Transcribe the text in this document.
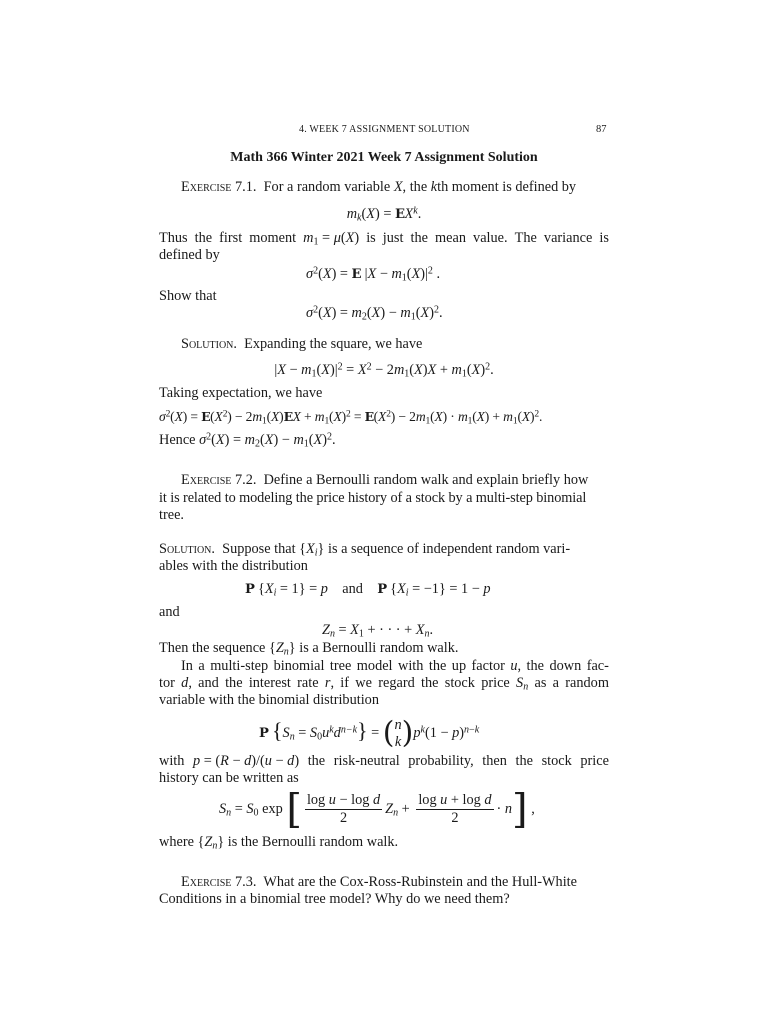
4. WEEK 7 ASSIGNMENT SOLUTION	87
Math 366 Winter 2021 Week 7 Assignment Solution
Exercise 7.1. For a random variable X, the kth moment is defined by
$m_k(X) = EX^k$.
Thus the first moment $m_1 = \mu(X)$ is just the mean value. The variance is
defined by
$\sigma^2(X) = E$ $|X - m_1(X)|^2$ .
Show that
$\sigma^2(X) = m_2(X) - m_1(X)^2$.
Solution. Expanding the square, we have
$|X - m_1(X)|^2 = X^2 - 2m_1(X)X + m_1(X)^2$.
Taking expectation, we have
$\sigma^2(X) = E(X^2) - 2m_1(X)EX + m_1(X)^2 = E(X^2) - 2m_1(X) \cdot m_1(X) + m_1(X)^2$.
Hence $\sigma^2(X) = m_2(X) - m_1(X)^2$.
Exercise 7.2. Define a Bernoulli random walk and explain briefly how
it is related to modeling the price history of a stock by a multi-step binomial
tree.
Solution. Suppose that $\{X_i\}$ is a sequence of independent random vari-
ables with the distribution
P $\{X_i = 1\} = p$ and P $\{X_i = -1\} = 1 - p$
and
$Z_n = X_1$ + · · · + $X_n$.
Then the sequence $\{Z_n\}$ is a Bernoulli random walk.
In a multi-step binomial tree model with the up factor u, the down fac-
tor d, and the interest rate r, if we regard the stock price $S_n$ as a random
variable with the binomial distribution
P $\{S_n = S_0u^kd^{n-k}\}$ = ( n
k )$p^k(1 - p)^{n-k}$
with p = (R − d)/(u − d) the risk-neutral probability, then the stock price
history can be written as
$S_n = S_0$ exp [ $\frac{\text{log u − log d}}{2} Z_n + \frac{\text{log u + log d}}{2} \cdot n$] ,
where $\{Z_n\}$ is the Bernoulli random walk.
Exercise 7.3. What are the Cox-Ross-Rubinstein and the Hull-White
Conditions in a binomial tree model? Why do we need them?
